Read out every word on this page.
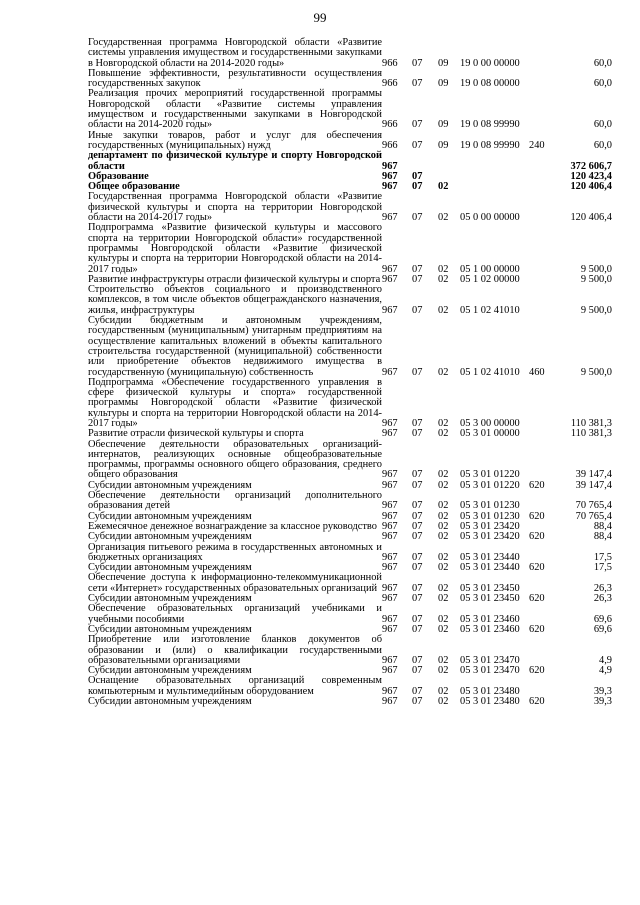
99
Государственная программа Новгородской области «Развитие системы управления имуществом и государственными закупками в Новгородской области на 2014-2020 годы»	966	07	09	19 0 00 00000		60,0
Повышение эффективности, результативности осуществления государственных закупок	966	07	09	19 0 08 00000		60,0
Реализация прочих мероприятий государственной программы Новгородской области «Развитие системы управления имуществом и государственными закупками в Новгородской области на 2014-2020 годы»	966	07	09	19 0 08 99990		60,0
Иные закупки товаров, работ и услуг для обеспечения государственных (муниципальных) нужд	966	07	09	19 0 08 99990	240	60,0
департамент по физической культуре и спорту Новгородской области	967					372 606,7
Образование	967	07				120 423,4
Общее образование	967	07	02			120 406,4
Государственная программа Новгородской области «Развитие физической культуры и спорта на территории Новгородской области на 2014-2017 годы»	967	07	02	05 0 00 00000		120 406,4
Подпрограмма «Развитие физической культуры и массового спорта на территории Новгородской области» государственной программы Новгородской области «Развитие физической культуры и спорта на территории Новгородской области на 2014-2017 годы»	967	07	02	05 1 00 00000		9 500,0
Развитие инфраструктуры отрасли физической культуры и спорта	967	07	02	05 1 02 00000		9 500,0
Строительство объектов социального и производственного комплексов, в том числе объектов общегражданского назначения, жилья, инфраструктуры	967	07	02	05 1 02 41010		9 500,0
Субсидии бюджетным и автономным учреждениям, государственным (муниципальным) унитарным предприятиям на осуществление капитальных вложений в объекты капитального строительства государственной (муниципальной) собственности или приобретение объектов недвижимого имущества в государственную (муниципальную) собственность	967	07	02	05 1 02 41010	460	9 500,0
Подпрограмма «Обеспечение государственного управления в сфере физической культуры и спорта» государственной программы Новгородской области «Развитие физической культуры и спорта на территории Новгородской области на 2014-2017 годы»	967	07	02	05 3 00 00000		110 381,3
Развитие отрасли физической культуры и спорта	967	07	02	05 3 01 00000		110 381,3
Обеспечение деятельности образовательных организаций-интернатов, реализующих основные общеобразовательные программы, программы основного общего образования, среднего общего образования	967	07	02	05 3 01 01220		39 147,4
Субсидии автономным учреждениям	967	07	02	05 3 01 01220	620	39 147,4
Обеспечение деятельности организаций дополнительного образования детей	967	07	02	05 3 01 01230		70 765,4
Субсидии автономным учреждениям	967	07	02	05 3 01 01230	620	70 765,4
Ежемесячное денежное вознаграждение за классное руководство	967	07	02	05 3 01 23420		88,4
Субсидии автономным учреждениям	967	07	02	05 3 01 23420	620	88,4
Организация питьевого режима в государственных автономных и бюджетных организациях	967	07	02	05 3 01 23440		17,5
Субсидии автономным учреждениям	967	07	02	05 3 01 23440	620	17,5
Обеспечение доступа к информационно-телекоммуникационной сети «Интернет» государственных образовательных организаций	967	07	02	05 3 01 23450		26,3
Субсидии автономным учреждениям	967	07	02	05 3 01 23450	620	26,3
Обеспечение образовательных организаций учебниками и учебными пособиями	967	07	02	05 3 01 23460		69,6
Субсидии автономным учреждениям	967	07	02	05 3 01 23460	620	69,6
Приобретение или изготовление бланков документов об образовании и (или) о квалификации государственными образовательными организациями	967	07	02	05 3 01 23470		4,9
Субсидии автономным учреждениям	967	07	02	05 3 01 23470	620	4,9
Оснащение образовательных организаций современным компьютерным и мультимедийным оборудованием	967	07	02	05 3 01 23480		39,3
Субсидии автономным учреждениям	967	07	02	05 3 01 23480	620	39,3
